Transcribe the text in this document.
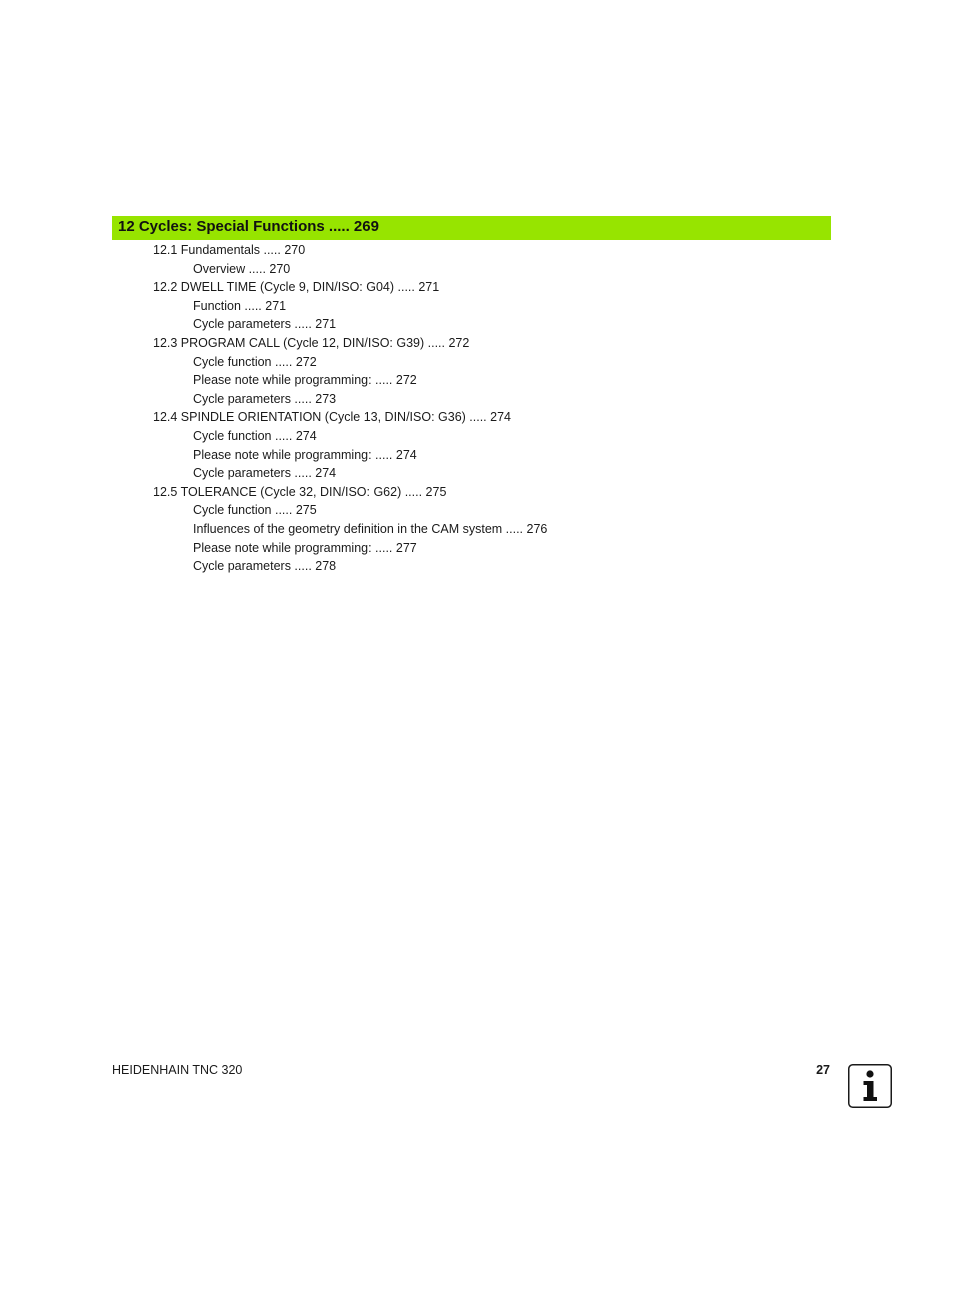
12 Cycles: Special Functions ..... 269
12.1 Fundamentals ..... 270
Overview ..... 270
12.2 DWELL TIME (Cycle 9, DIN/ISO: G04) ..... 271
Function ..... 271
Cycle parameters ..... 271
12.3 PROGRAM CALL (Cycle 12, DIN/ISO: G39) ..... 272
Cycle function ..... 272
Please note while programming: ..... 272
Cycle parameters ..... 273
12.4 SPINDLE ORIENTATION (Cycle 13, DIN/ISO: G36) ..... 274
Cycle function ..... 274
Please note while programming: ..... 274
Cycle parameters ..... 274
12.5 TOLERANCE (Cycle 32, DIN/ISO: G62) ..... 275
Cycle function ..... 275
Influences of the geometry definition in the CAM system ..... 276
Please note while programming: ..... 277
Cycle parameters ..... 278
HEIDENHAIN TNC 320	27
